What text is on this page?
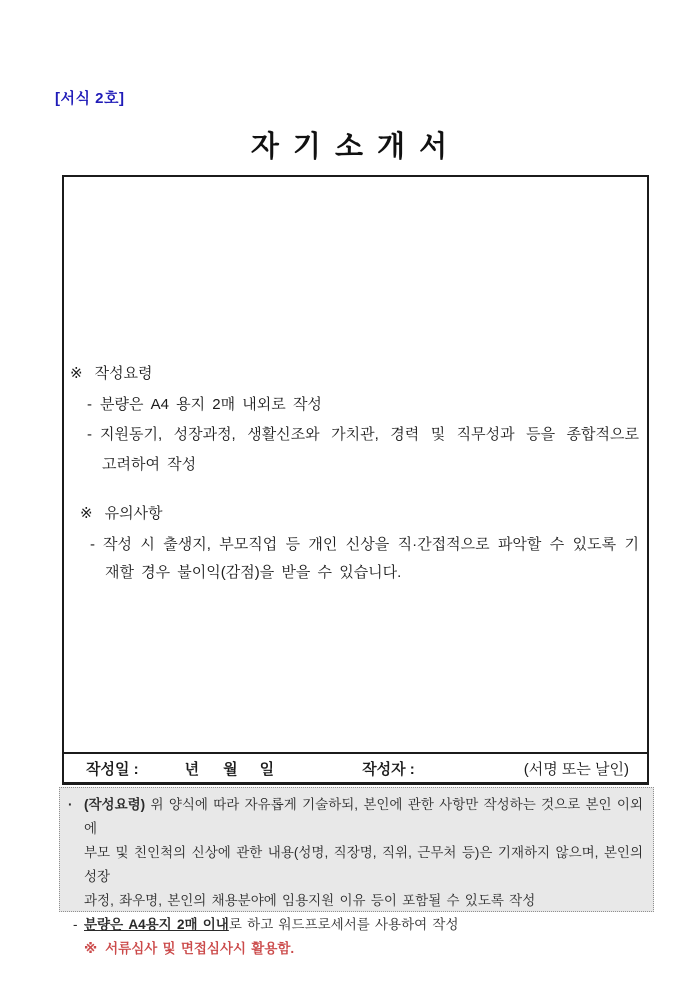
[서식 2호]
자 기 소 개 서
※ 작성요령
- 분량은 A4 용지 2매 내외로 작성
- 지원동기, 성장과정, 생활신조와 가치관, 경력 및 직무성과 등을 종합적으로
고려하여 작성
※ 유의사항
- 작성 시 출생지, 부모직업 등 개인 신상을 직·간접적으로 파악할 수 있도록 기
재할 경우 불이익(감점)을 받을 수 있습니다.
작성일 :	년 월 일	작성자 :	(서명 또는 날인)
· (작성요령) 위 양식에 따라 자유롭게 기술하되, 본인에 관한 사항만 작성하는 것으로 본인 이외에
부모 및 친인척의 신상에 관한 내용(성명, 직장명, 직위, 근무처 등)은 기재하지 않으며, 본인의 성장
과정, 좌우명, 본인의 채용분야에 임용지원 이유 등이 포함될 수 있도록 작성
- 분량은 A4용지 2매 이내로 하고 워드프로세서를 사용하여 작성
※ 서류심사 및 면접심사시 활용함.
